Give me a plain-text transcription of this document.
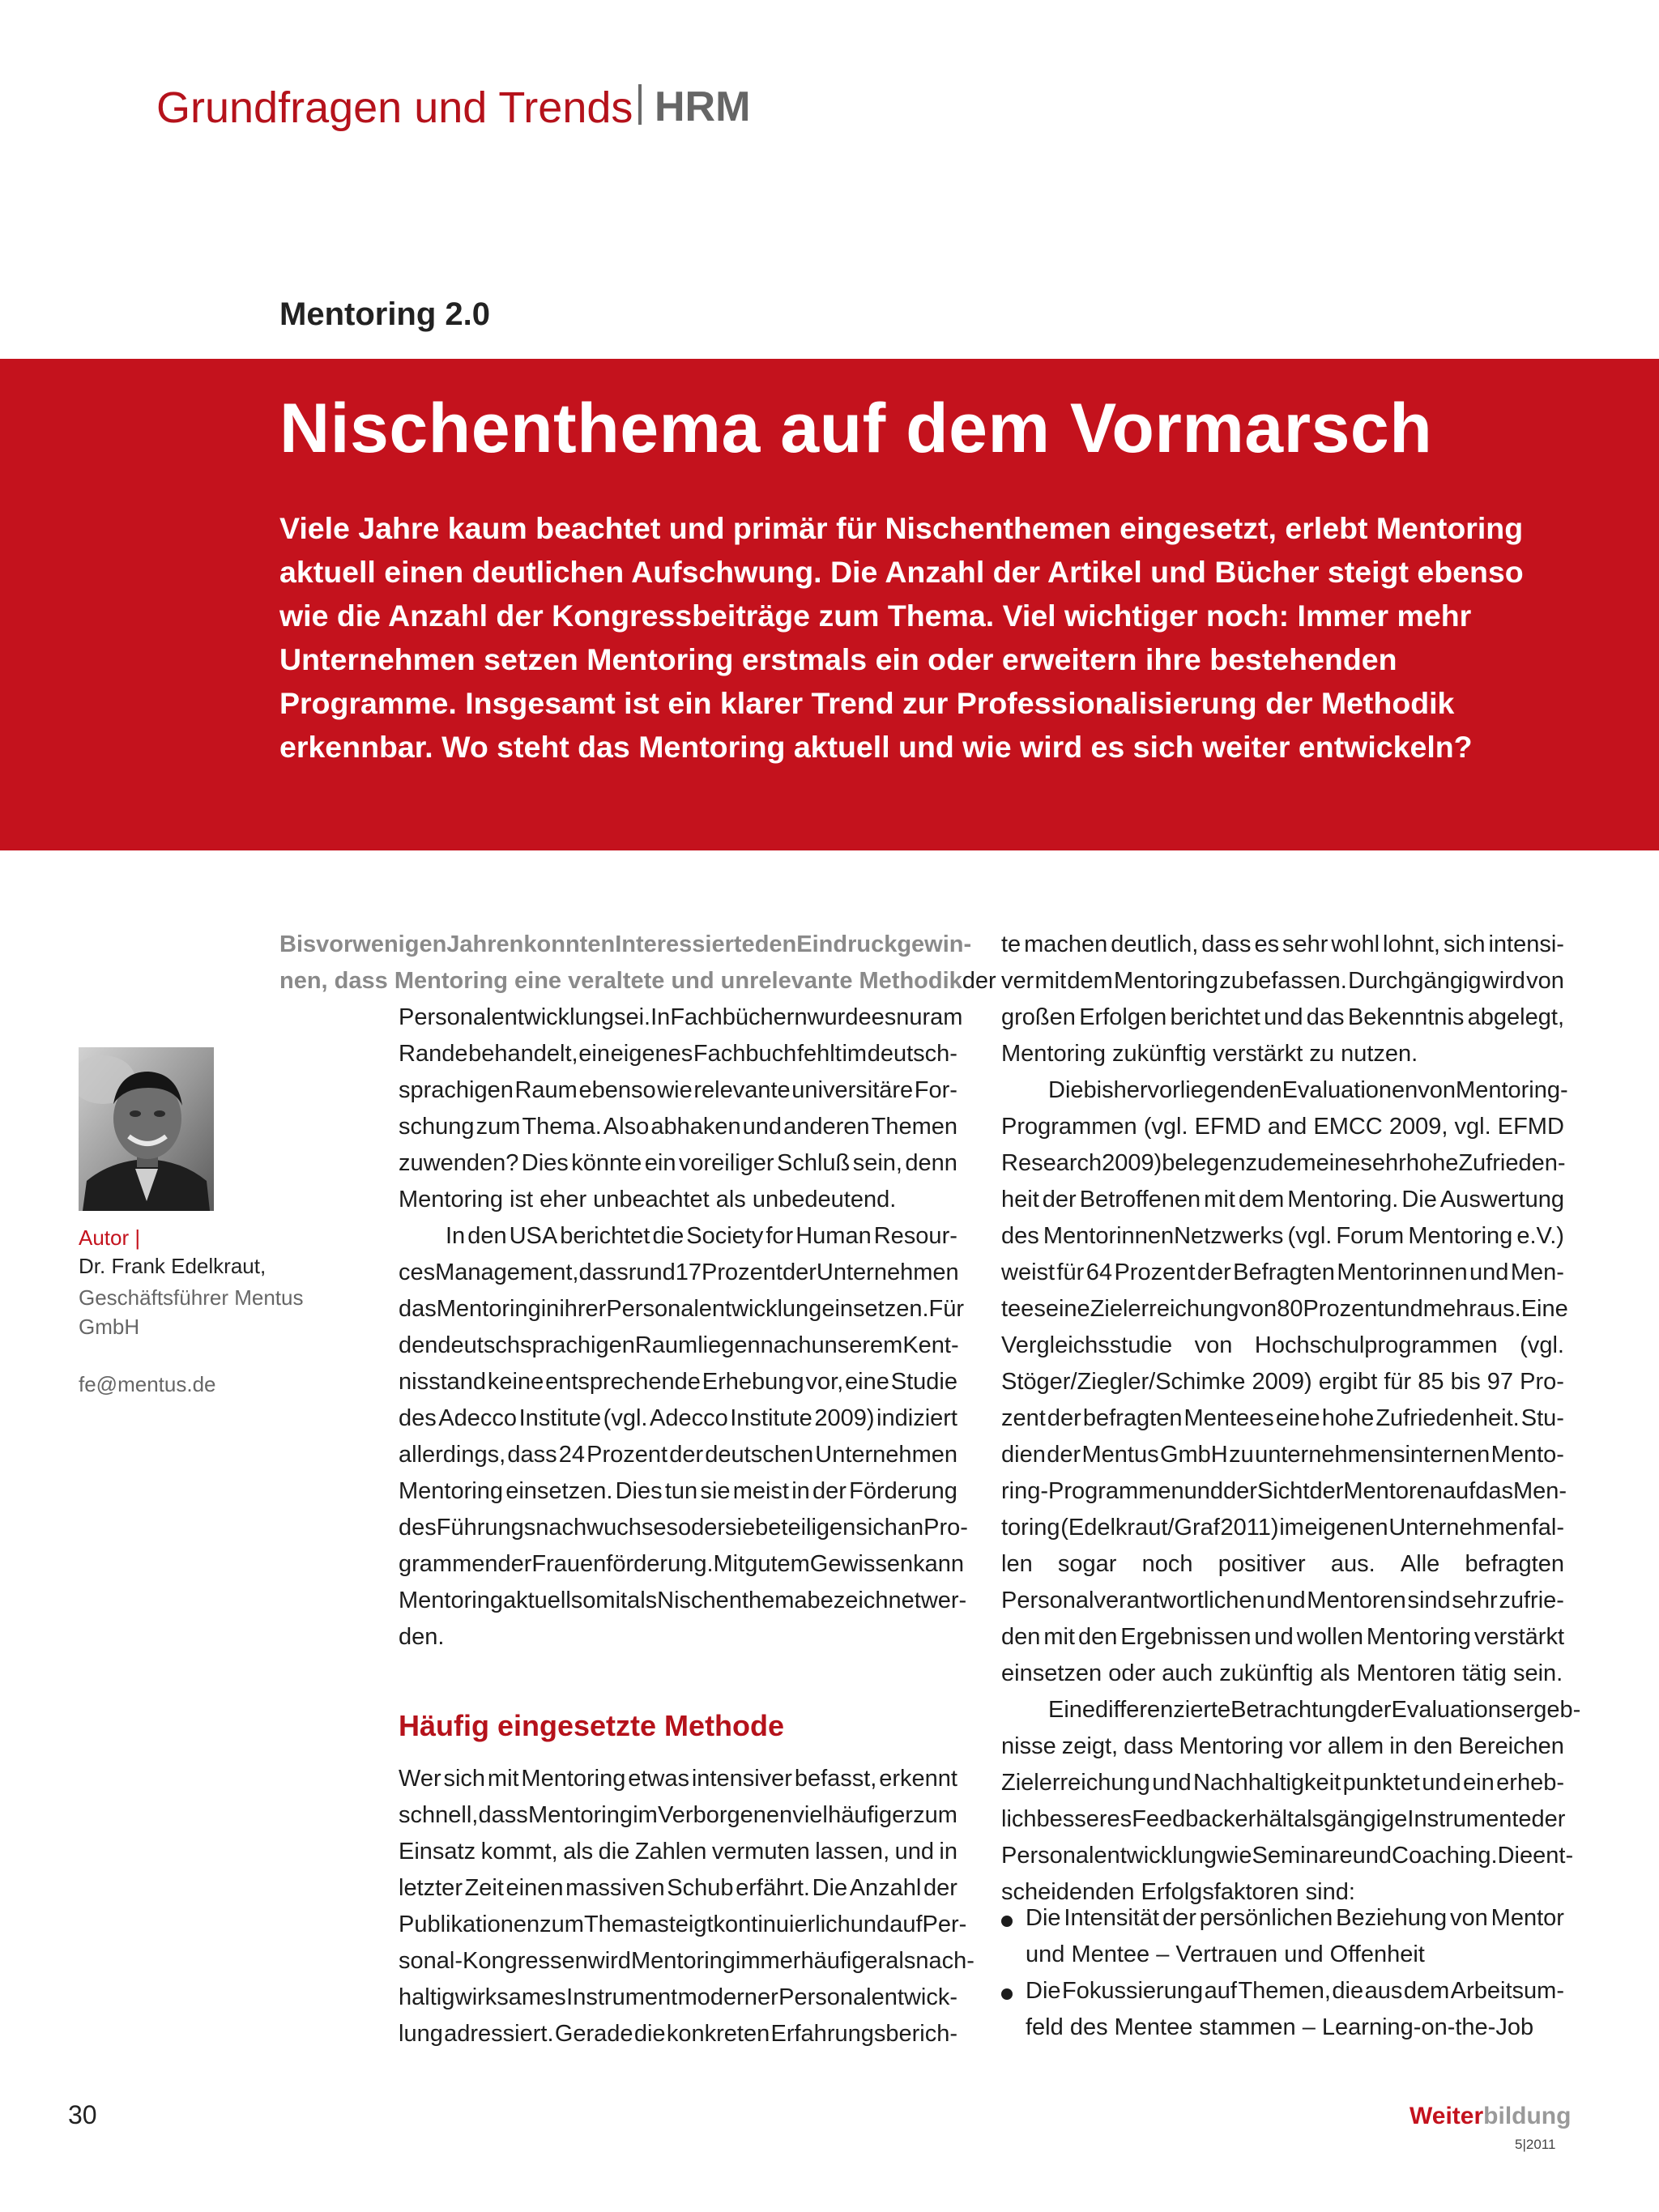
Grundfragen und Trends HRM
Mentoring 2.0
Nischenthema auf dem Vormarsch
Viele Jahre kaum beachtet und primär für Nischenthemen eingesetzt, erlebt Mentoring
aktuell einen deutlichen Aufschwung. Die Anzahl der Artikel und Bücher steigt ebenso
wie die Anzahl der Kongressbeiträge zum Thema. Viel wichtiger noch: Immer mehr
Unternehmen setzen Mentoring erstmals ein oder erweitern ihre bestehenden
Programme. Insgesamt ist ein klarer Trend zur Professionalisierung der Methodik
erkennbar. Wo steht das Mentoring aktuell und wie wird es sich weiter entwickeln?
Autor |
Dr. Frank Edelkraut,
Geschäftsführer Mentus GmbH
fe@mentus.de
Bis vor wenigen Jahren konnten Interessierte den Eindruck gewin-
nen, dass Mentoring eine veraltete und unrelevante Methodik der
Personalentwicklung sei. In Fachbüchern wurde es nur am
Rande behandelt, ein eigenes Fachbuch fehlt im deutsch-
sprachigen Raum ebenso wie relevante universitäre For-
schung zum Thema. Also abhaken und anderen Themen
zuwenden? Dies könnte ein voreiliger Schluß sein, denn
Mentoring ist eher unbeachtet als unbedeutend.
In den USA berichtet die Society for Human Resour-
ces Management, dass rund 17 Prozent der Unternehmen
das Mentoring in ihrer Personalentwicklung einsetzen. Für
den deutschsprachigen Raum liegen nach unserem Kent-
nisstand keine entsprechende Erhebung vor, eine Studie
des Adecco Institute (vgl. Adecco Institute 2009) indiziert
allerdings, dass 24 Prozent der deutschen Unternehmen
Mentoring einsetzen. Dies tun sie meist in der Förderung
des Führungsnachwuchses oder sie beteiligen sich an Pro-
grammen der Frauenförderung. Mit gutem Gewissen kann
Mentoring aktuell somit als Nischenthema bezeichnet wer-
den.
Häufig eingesetzte Methode
Wer sich mit Mentoring etwas intensiver befasst, erkennt
schnell, dass Mentoring im Verborgenen viel häufiger zum
Einsatz kommt, als die Zahlen vermuten lassen, und in
letzter Zeit einen massiven Schub erfährt. Die Anzahl der
Publikationen zum Thema steigt kontinuierlich und auf Per-
sonal-Kongressen wird Mentoring immer häufiger als nach-
haltig wirksames Instrument moderner Personalentwick-
lung adressiert. Gerade die konkreten Erfahrungsberich-
te machen deutlich, dass es sehr wohl lohnt, sich intensi-
ver mit dem Mentoring zu befassen. Durchgängig wird von
großen Erfolgen berichtet und das Bekenntnis abgelegt,
Mentoring zukünftig verstärkt zu nutzen.
Die bisher vorliegenden Evaluationen von Mentoring-
Programmen (vgl. EFMD and EMCC 2009, vgl. EFMD
Research 2009) belegen zudem eine sehr hohe Zufrieden-
heit der Betroffenen mit dem Mentoring. Die Auswertung
des MentorinnenNetzwerks (vgl. Forum Mentoring e.V.)
weist für 64 Prozent der Befragten Mentorinnen und Men-
tees eine Zielerreichung von 80 Prozent und mehr aus. Eine
Vergleichsstudie von Hochschulprogrammen (vgl.
Stöger/Ziegler/Schimke 2009) ergibt für 85 bis 97 Pro-
zent der befragten Mentees eine hohe Zufriedenheit. Stu-
dien der Mentus GmbH zu unternehmensinternen Mento-
ring-Programmen und der Sicht der Mentoren auf das Men-
toring (Edelkraut/Graf 2011) im eigenen Unternehmen fal-
len sogar noch positiver aus. Alle befragten
Personalverantwortlichen und Mentoren sind sehr zufrie-
den mit den Ergebnissen und wollen Mentoring verstärkt
einsetzen oder auch zukünftig als Mentoren tätig sein.
Eine differenzierte Betrachtung der Evaluationsergeb-
nisse zeigt, dass Mentoring vor allem in den Bereichen
Zielerreichung und Nachhaltigkeit punktet und ein erheb-
lich besseres Feedback erhält als gängige Instrumente der
Personalentwicklung wie Seminare und Coaching. Die ent-
scheidenden Erfolgsfaktoren sind:
Die Intensität der persönlichen Beziehung von Mentor
und Mentee – Vertrauen und Offenheit
Die Fokussierung auf Themen, die aus dem Arbeitsum-
feld des Mentee stammen – Learning-on-the-Job
30	Weiterbildung
5|2011
